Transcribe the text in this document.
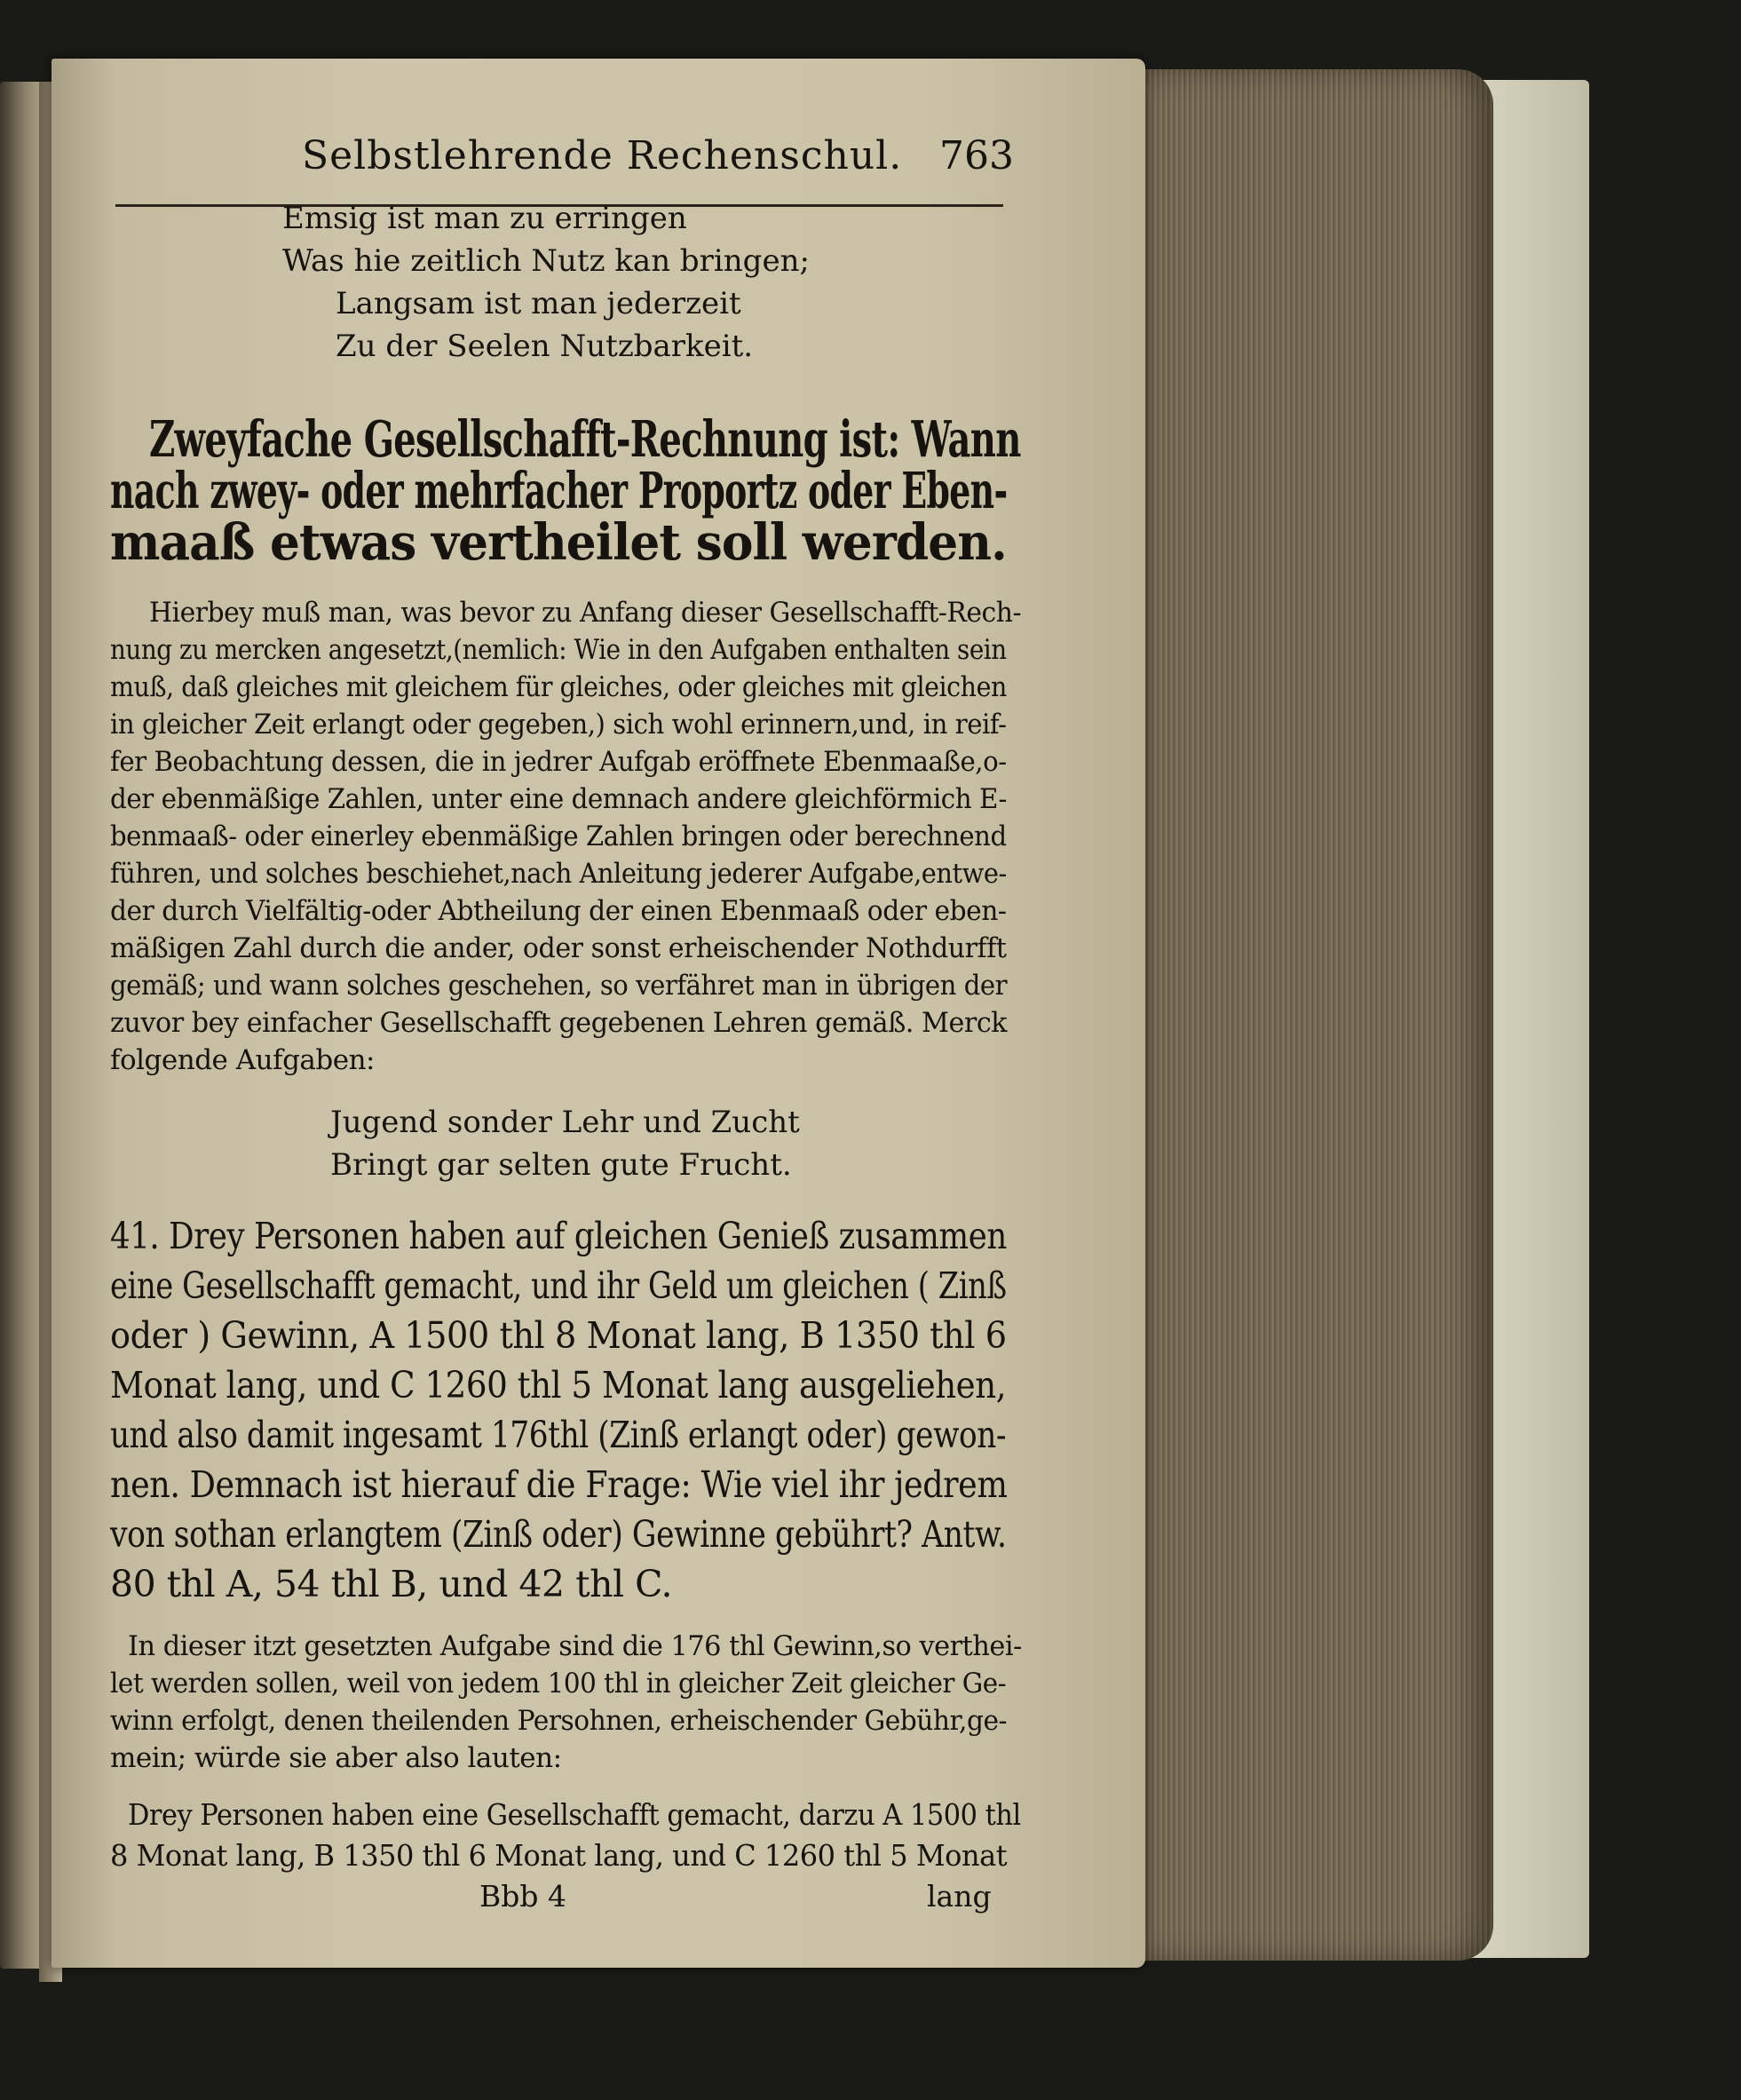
Selbstlehrende Rechenschul. 763
Emsig ist man zu erringen
Was hie zeitlich Nutz kan bringen;
Langsam ist man jederzeit
Zu der Seelen Nutzbarkeit.
Zweyfache Gesellschafft-Rechnung ist: Wann
nach zwey- oder mehrfacher Proportz oder Eben-
maaß etwas vertheilet soll werden.
Hierbey muß man, was bevor zu Anfang dieser Gesellschafft-Rech-
nung zu mercken angesetzt,(nemlich: Wie in den Aufgaben enthalten sein
muß, daß gleiches mit gleichem für gleiches, oder gleiches mit gleichen
in gleicher Zeit erlangt oder gegeben,) sich wohl erinnern,und, in reif-
fer Beobachtung dessen, die in jedrer Aufgab eröffnete Ebenmaaße,o-
der ebenmäßige Zahlen, unter eine demnach andere gleichförmich E-
benmaaß- oder einerley ebenmäßige Zahlen bringen oder berechnend
führen, und solches beschiehet,nach Anleitung jederer Aufgabe,entwe-
der durch Vielfältig-oder Abtheilung der einen Ebenmaaß oder eben-
mäßigen Zahl durch die ander, oder sonst erheischender Nothdurfft
gemäß; und wann solches geschehen, so verfähret man in übrigen der
zuvor bey einfacher Gesellschafft gegebenen Lehren gemäß. Merck
folgende Aufgaben:
Jugend sonder Lehr und Zucht
Bringt gar selten gute Frucht.
41. Drey Personen haben auf gleichen Genieß zusammen
eine Gesellschafft gemacht, und ihr Geld um gleichen ( Zinß
oder ) Gewinn, A 1500 thl 8 Monat lang, B 1350 thl 6
Monat lang, und C 1260 thl 5 Monat lang ausgeliehen,
und also damit ingesamt 176thl (Zinß erlangt oder) gewon-
nen. Demnach ist hierauf die Frage: Wie viel ihr jedrem
von sothan erlangtem (Zinß oder) Gewinne gebührt? Antw.
80 thl A, 54 thl B, und 42 thl C.
In dieser itzt gesetzten Aufgabe sind die 176 thl Gewinn,so verthei-
let werden sollen, weil von jedem 100 thl in gleicher Zeit gleicher Ge-
winn erfolgt, denen theilenden Persohnen, erheischender Gebühr,ge-
mein; würde sie aber also lauten:
Drey Personen haben eine Gesellschafft gemacht, darzu A 1500 thl
8 Monat lang, B 1350 thl 6 Monat lang, und C 1260 thl 5 Monat
Bbb 4	lang
